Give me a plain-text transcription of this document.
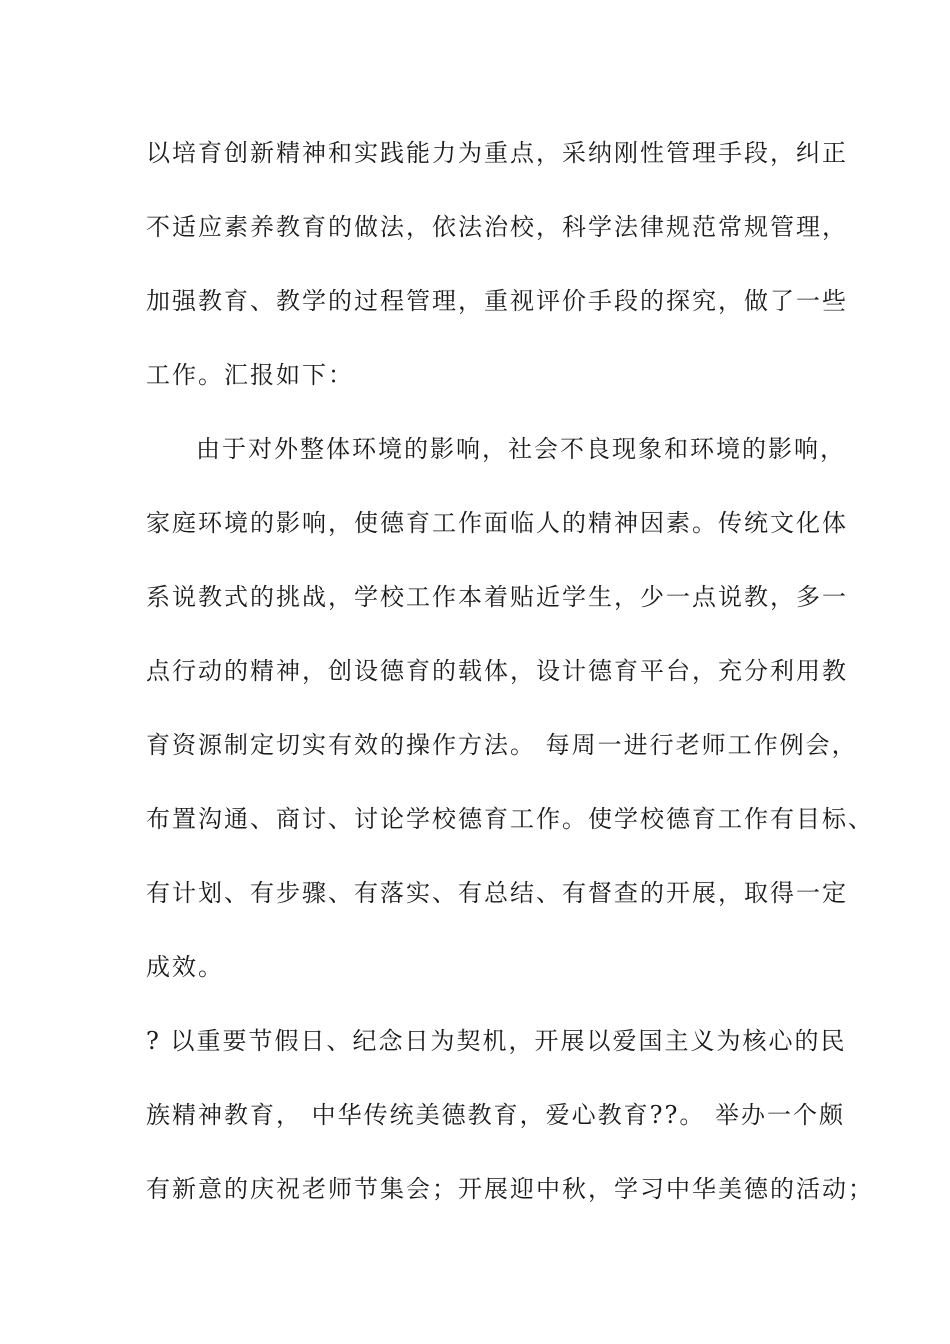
以培育创新精神和实践能力为重点，采纳刚性管理手段，纠正
不适应素养教育的做法，依法治校，科学法律规范常规管理，
加强教育、教学的过程管理，重视评价手段的探究，做了一些
工作。汇报如下：
由于对外整体环境的影响，社会不良现象和环境的影响，
家庭环境的影响，使德育工作面临人的精神因素。传统文化体
系说教式的挑战，学校工作本着贴近学生，少一点说教，多一
点行动的精神，创设德育的载体，设计德育平台，充分利用教
育资源制定切实有效的操作方法。 每周一进行老师工作例会，
布置沟通、商讨、讨论学校德育工作。使学校德育工作有目标、
有计划、有步骤、有落实、有总结、有督查的开展，取得一定
成效。
? 以重要节假日、纪念日为契机，开展以爱国主义为核心的民
族精神教育， 中华传统美德教育，爱心教育??。 举办一个颇
有新意的庆祝老师节集会；开展迎中秋，学习中华美德的活动；
